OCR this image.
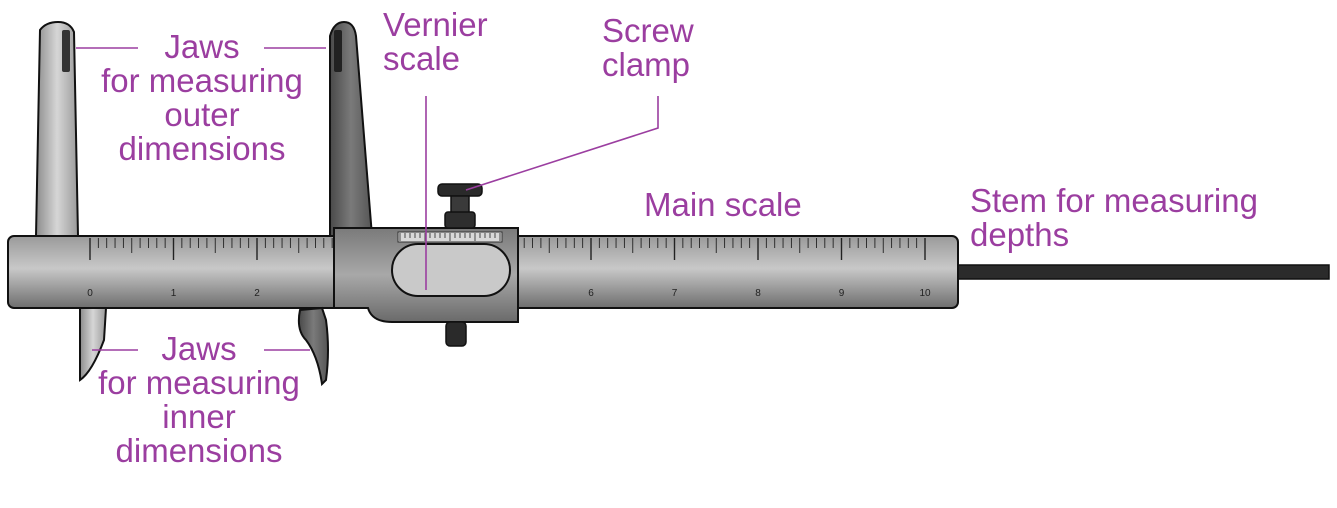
0	1	2	6	7	8	9	10
Jaws
for measuring
outer
dimensions
Jaws
for measuring
inner
dimensions
Vernier
scale
Screw
clamp
Main scale	Stem for measuring
depths
